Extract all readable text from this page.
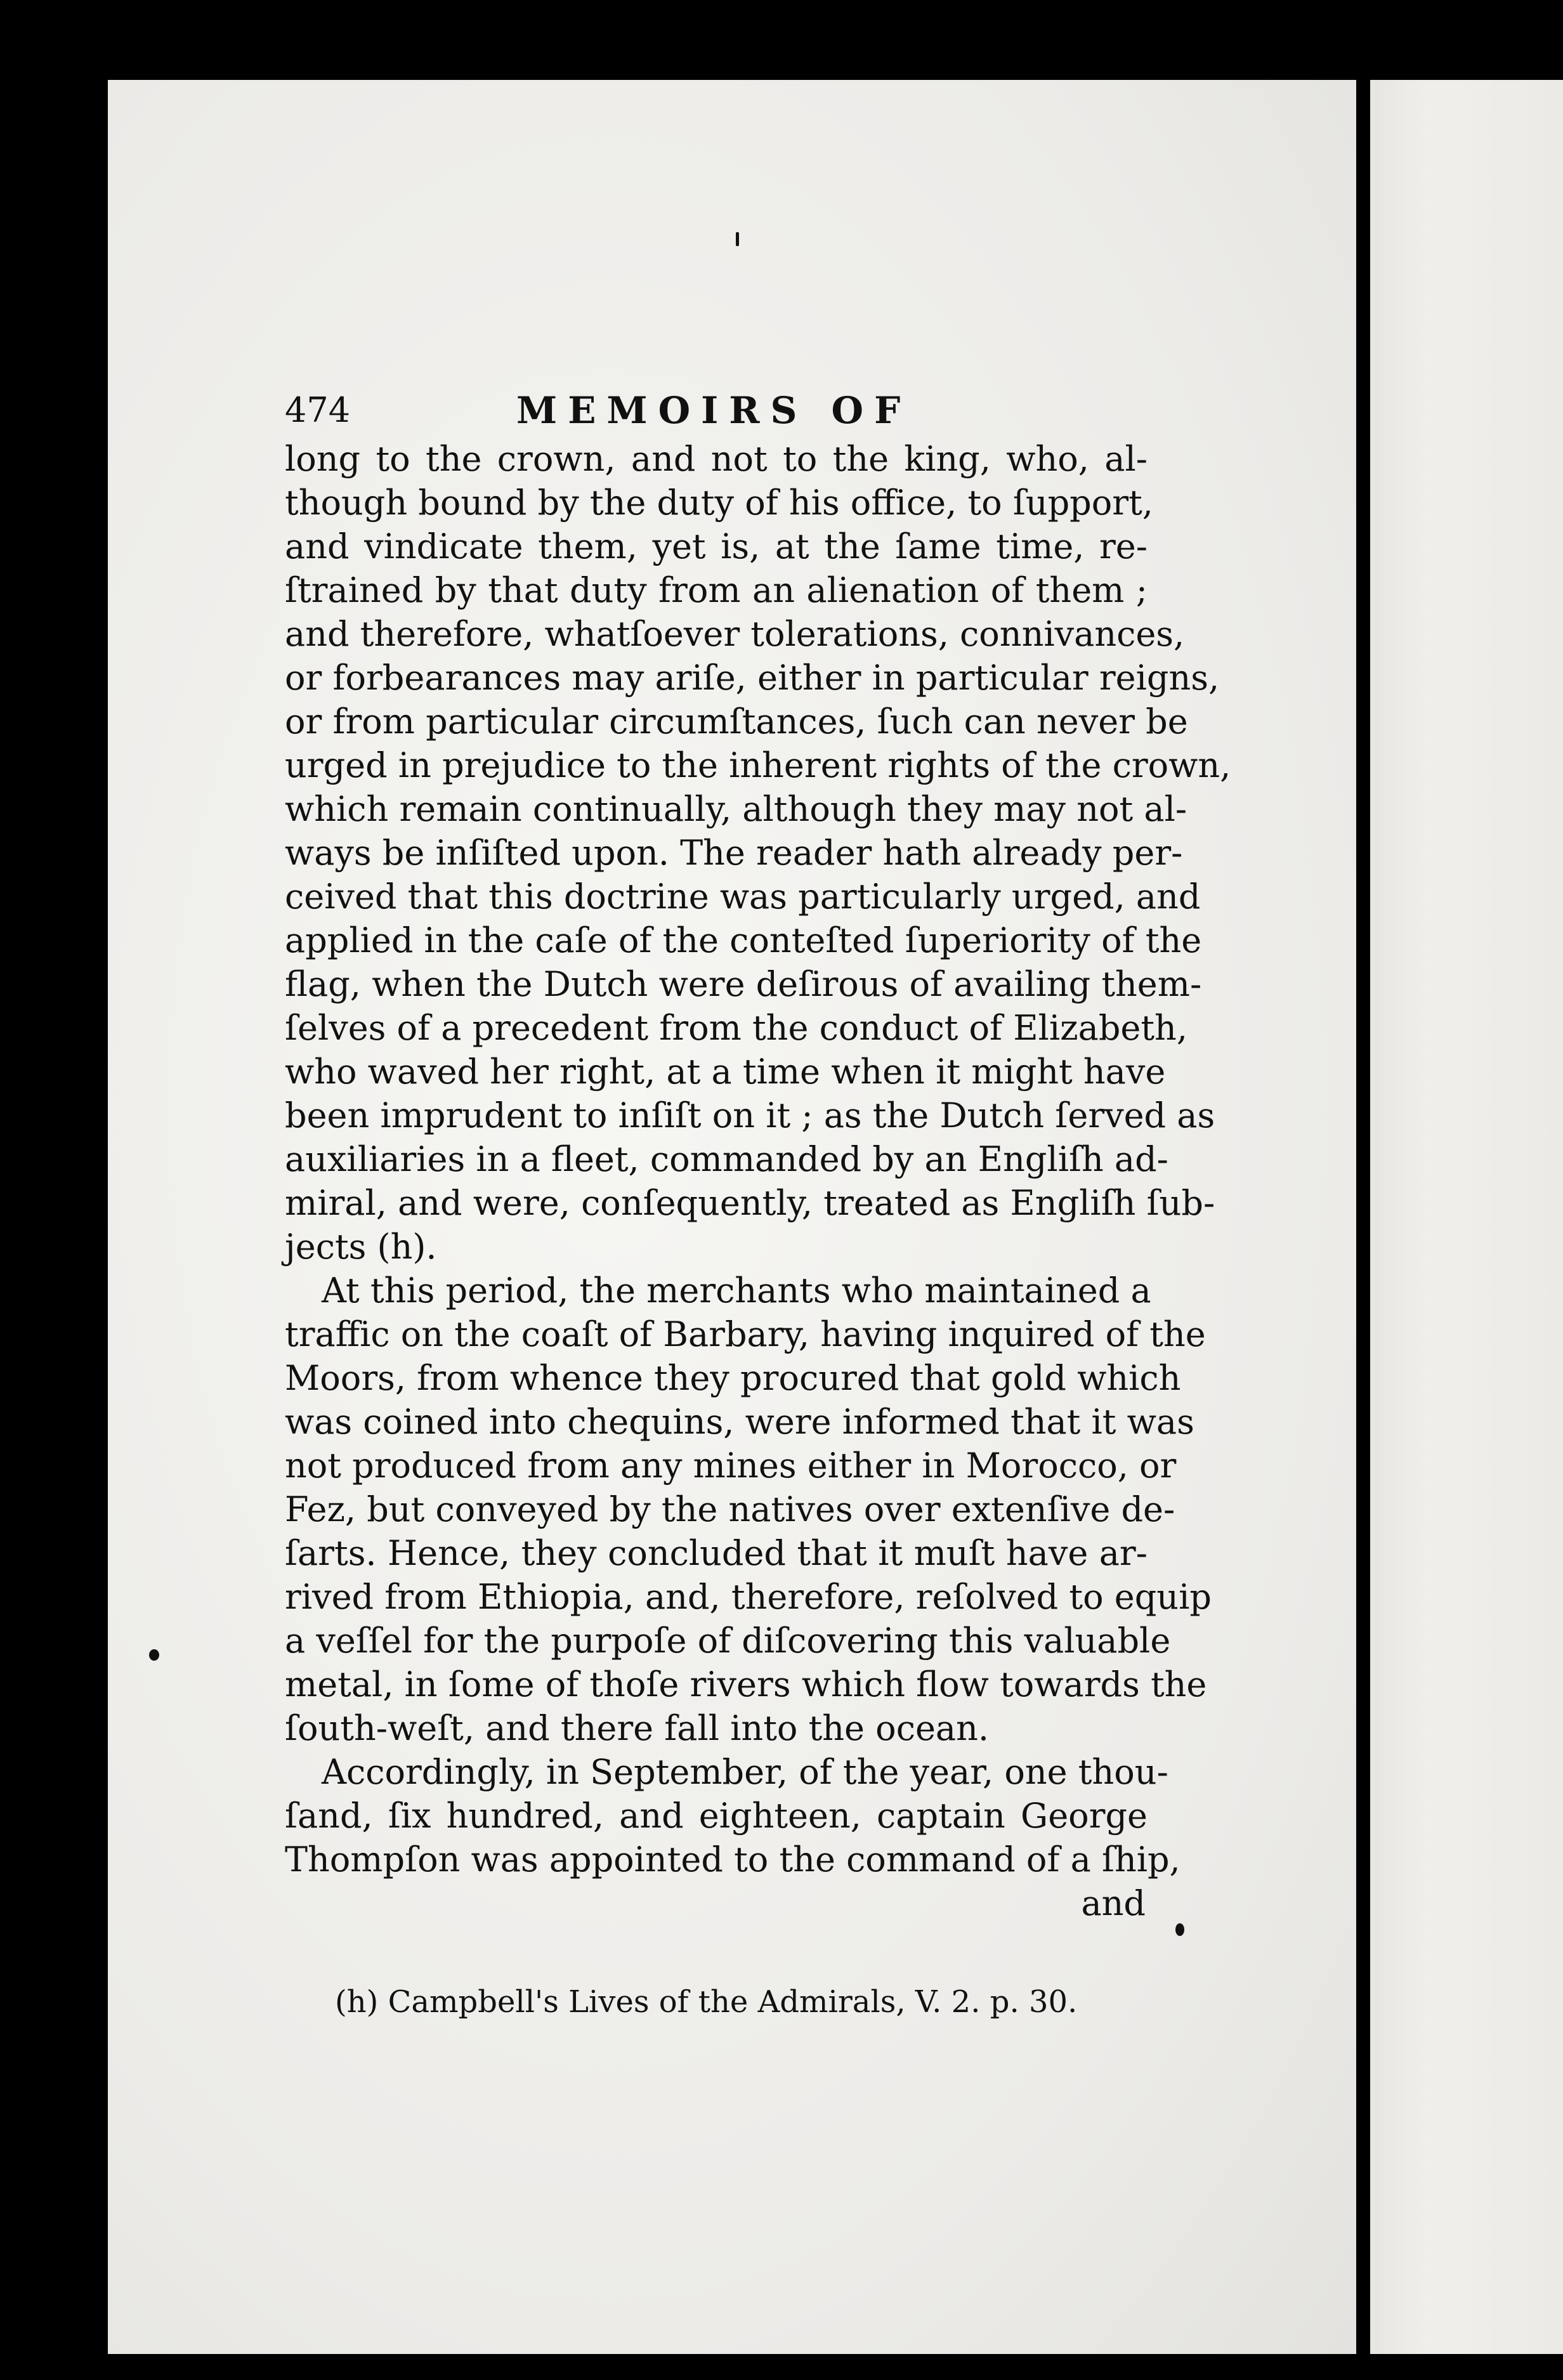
474	MEMOIRS OF
long to the crown, and not to the king, who, al-
though bound by the duty of his office, to ſupport,
and vindicate them, yet is, at the ſame time, re-
ſtrained by that duty from an alienation of them ;
and therefore, whatſoever tolerations, connivances,
or forbearances may ariſe, either in particular reigns,
or from particular circumſtances, ſuch can never be
urged in prejudice to the inherent rights of the crown,
which remain continually, although they may not al-
ways be inſiſted upon. The reader hath already per-
ceived that this doctrine was particularly urged, and
applied in the caſe of the conteſted ſuperiority of the
flag, when the Dutch were deſirous of availing them-
ſelves of a precedent from the conduct of Elizabeth,
who waved her right, at a time when it might have
been imprudent to inſiſt on it ; as the Dutch ſerved as
auxiliaries in a fleet, commanded by an Engliſh ad-
miral, and were, conſequently, treated as Engliſh ſub-
jects (h).
At this period, the merchants who maintained a
traffic on the coaſt of Barbary, having inquired of the
Moors, from whence they procured that gold which
was coined into chequins, were informed that it was
not produced from any mines either in Morocco, or
Fez, but conveyed by the natives over extenſive de-
ſarts. Hence, they concluded that it muſt have ar-
rived from Ethiopia, and, therefore, reſolved to equip
a veſſel for the purpoſe of diſcovering this valuable
metal, in ſome of thoſe rivers which flow towards the
ſouth-weſt, and there fall into the ocean.
Accordingly, in September, of the year, one thou-
ſand, ſix hundred, and eighteen, captain George
Thompſon was appointed to the command of a ſhip,
and
(h) Campbell's Lives of the Admirals, V. 2. p. 30.
